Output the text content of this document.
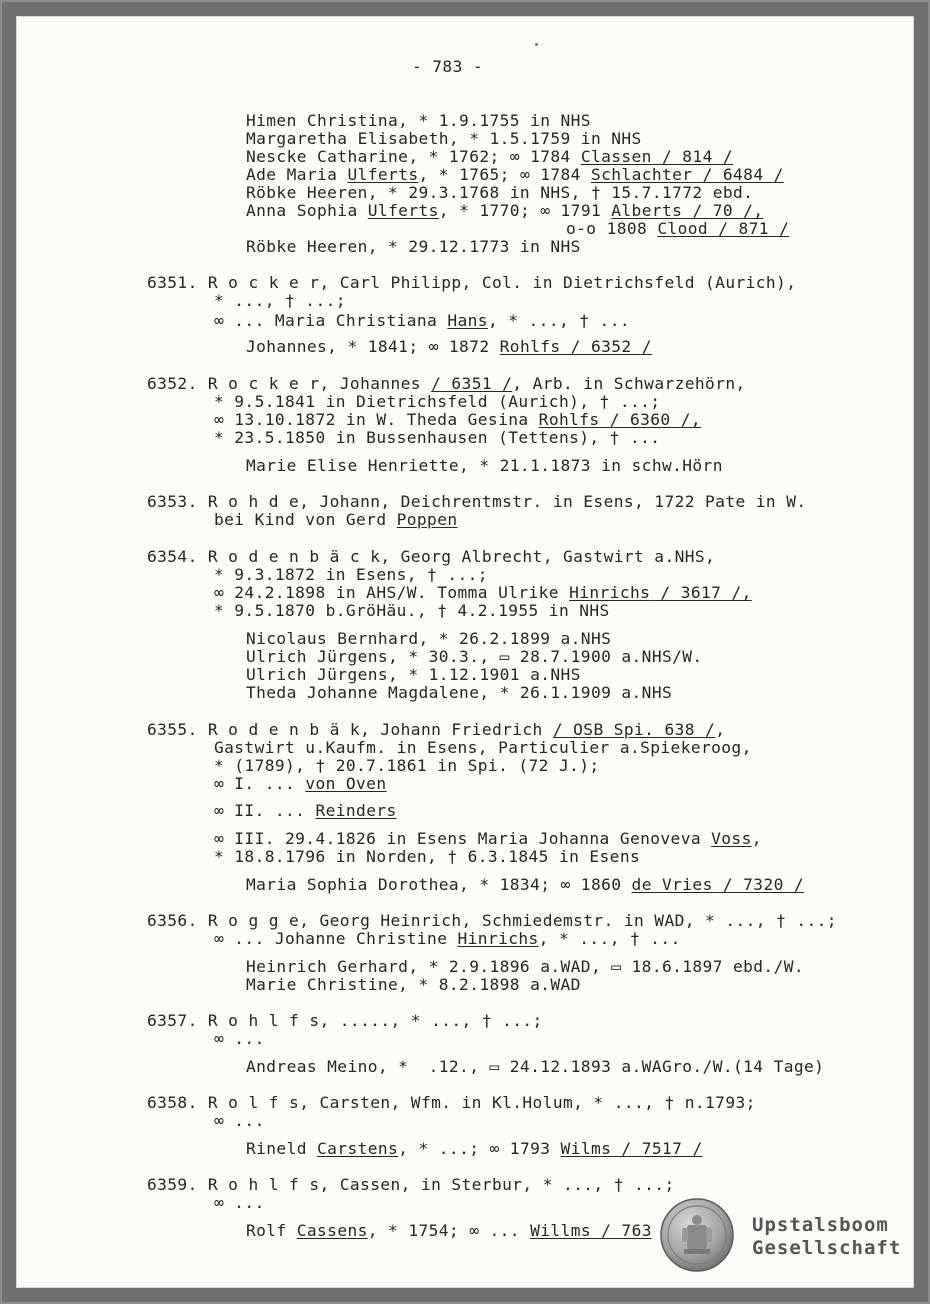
- 783 -
Himen Christina, * 1.9.1755 in NHS
Margaretha Elisabeth, * 1.5.1759 in NHS
Nescke Catharine, * 1762; ∞ 1784 Classen / 814 /
Ade Maria Ulferts, * 1765; ∞ 1784 Schlachter / 6484 /
Röbke Heeren, * 29.3.1768 in NHS, † 15.7.1772 ebd.
Anna Sophia Ulferts, * 1770; ∞ 1791 Alberts / 70 /,
o-o 1808 Clood / 871 /
Röbke Heeren, * 29.12.1773 in NHS
6351. R o c k e r, Carl Philipp, Col. in Dietrichsfeld (Aurich),
* ..., † ...;
∞ ... Maria Christiana Hans, * ..., † ...
Johannes, * 1841; ∞ 1872 Rohlfs / 6352 /
6352. R o c k e r, Johannes / 6351 /, Arb. in Schwarzehörn,
* 9.5.1841 in Dietrichsfeld (Aurich), † ...;
∞ 13.10.1872 in W. Theda Gesina Rohlfs / 6360 /,
* 23.5.1850 in Bussenhausen (Tettens), † ...
Marie Elise Henriette, * 21.1.1873 in schw.Hörn
6353. R o h d e, Johann, Deichrentmstr. in Esens, 1722 Pate in W.
bei Kind von Gerd Poppen
6354. R o d e n b ä c k, Georg Albrecht, Gastwirt a.NHS,
* 9.3.1872 in Esens, † ...;
∞ 24.2.1898 in AHS/W. Tomma Ulrike Hinrichs / 3617 /,
* 9.5.1870 b.GröHäu., † 4.2.1955 in NHS
Nicolaus Bernhard, * 26.2.1899 a.NHS
Ulrich Jürgens, * 30.3., ▭ 28.7.1900 a.NHS/W.
Ulrich Jürgens, * 1.12.1901 a.NHS
Theda Johanne Magdalene, * 26.1.1909 a.NHS
6355. R o d e n b ä k, Johann Friedrich / OSB Spi. 638 /,
Gastwirt u.Kaufm. in Esens, Particulier a.Spiekeroog,
* (1789), † 20.7.1861 in Spi. (72 J.);
∞ I. ... von Oven
∞ II. ... Reinders
∞ III. 29.4.1826 in Esens Maria Johanna Genoveva Voss,
* 18.8.1796 in Norden, † 6.3.1845 in Esens
Maria Sophia Dorothea, * 1834; ∞ 1860 de Vries / 7320 /
6356. R o g g e, Georg Heinrich, Schmiedemstr. in WAD, * ..., † ...;
∞ ... Johanne Christine Hinrichs, * ..., † ...
Heinrich Gerhard, * 2.9.1896 a.WAD, ▭ 18.6.1897 ebd./W.
Marie Christine, * 8.2.1898 a.WAD
6357. R o h l f s, ....., * ..., † ...;
∞ ...
Andreas Meino, *  .12., ▭ 24.12.1893 a.WAGro./W.(14 Tage)
6358. R o l f s, Carsten, Wfm. in Kl.Holum, * ..., † n.1793;
∞ ...
Rineld Carstens, * ...; ∞ 1793 Wilms / 7517 /
6359. R o h l f s, Cassen, in Sterbur, * ..., † ...;
∞ ...
Rolf Cassens, * 1754; ∞ ... Willms / 763	Upstalsboom
Gesellschaft
